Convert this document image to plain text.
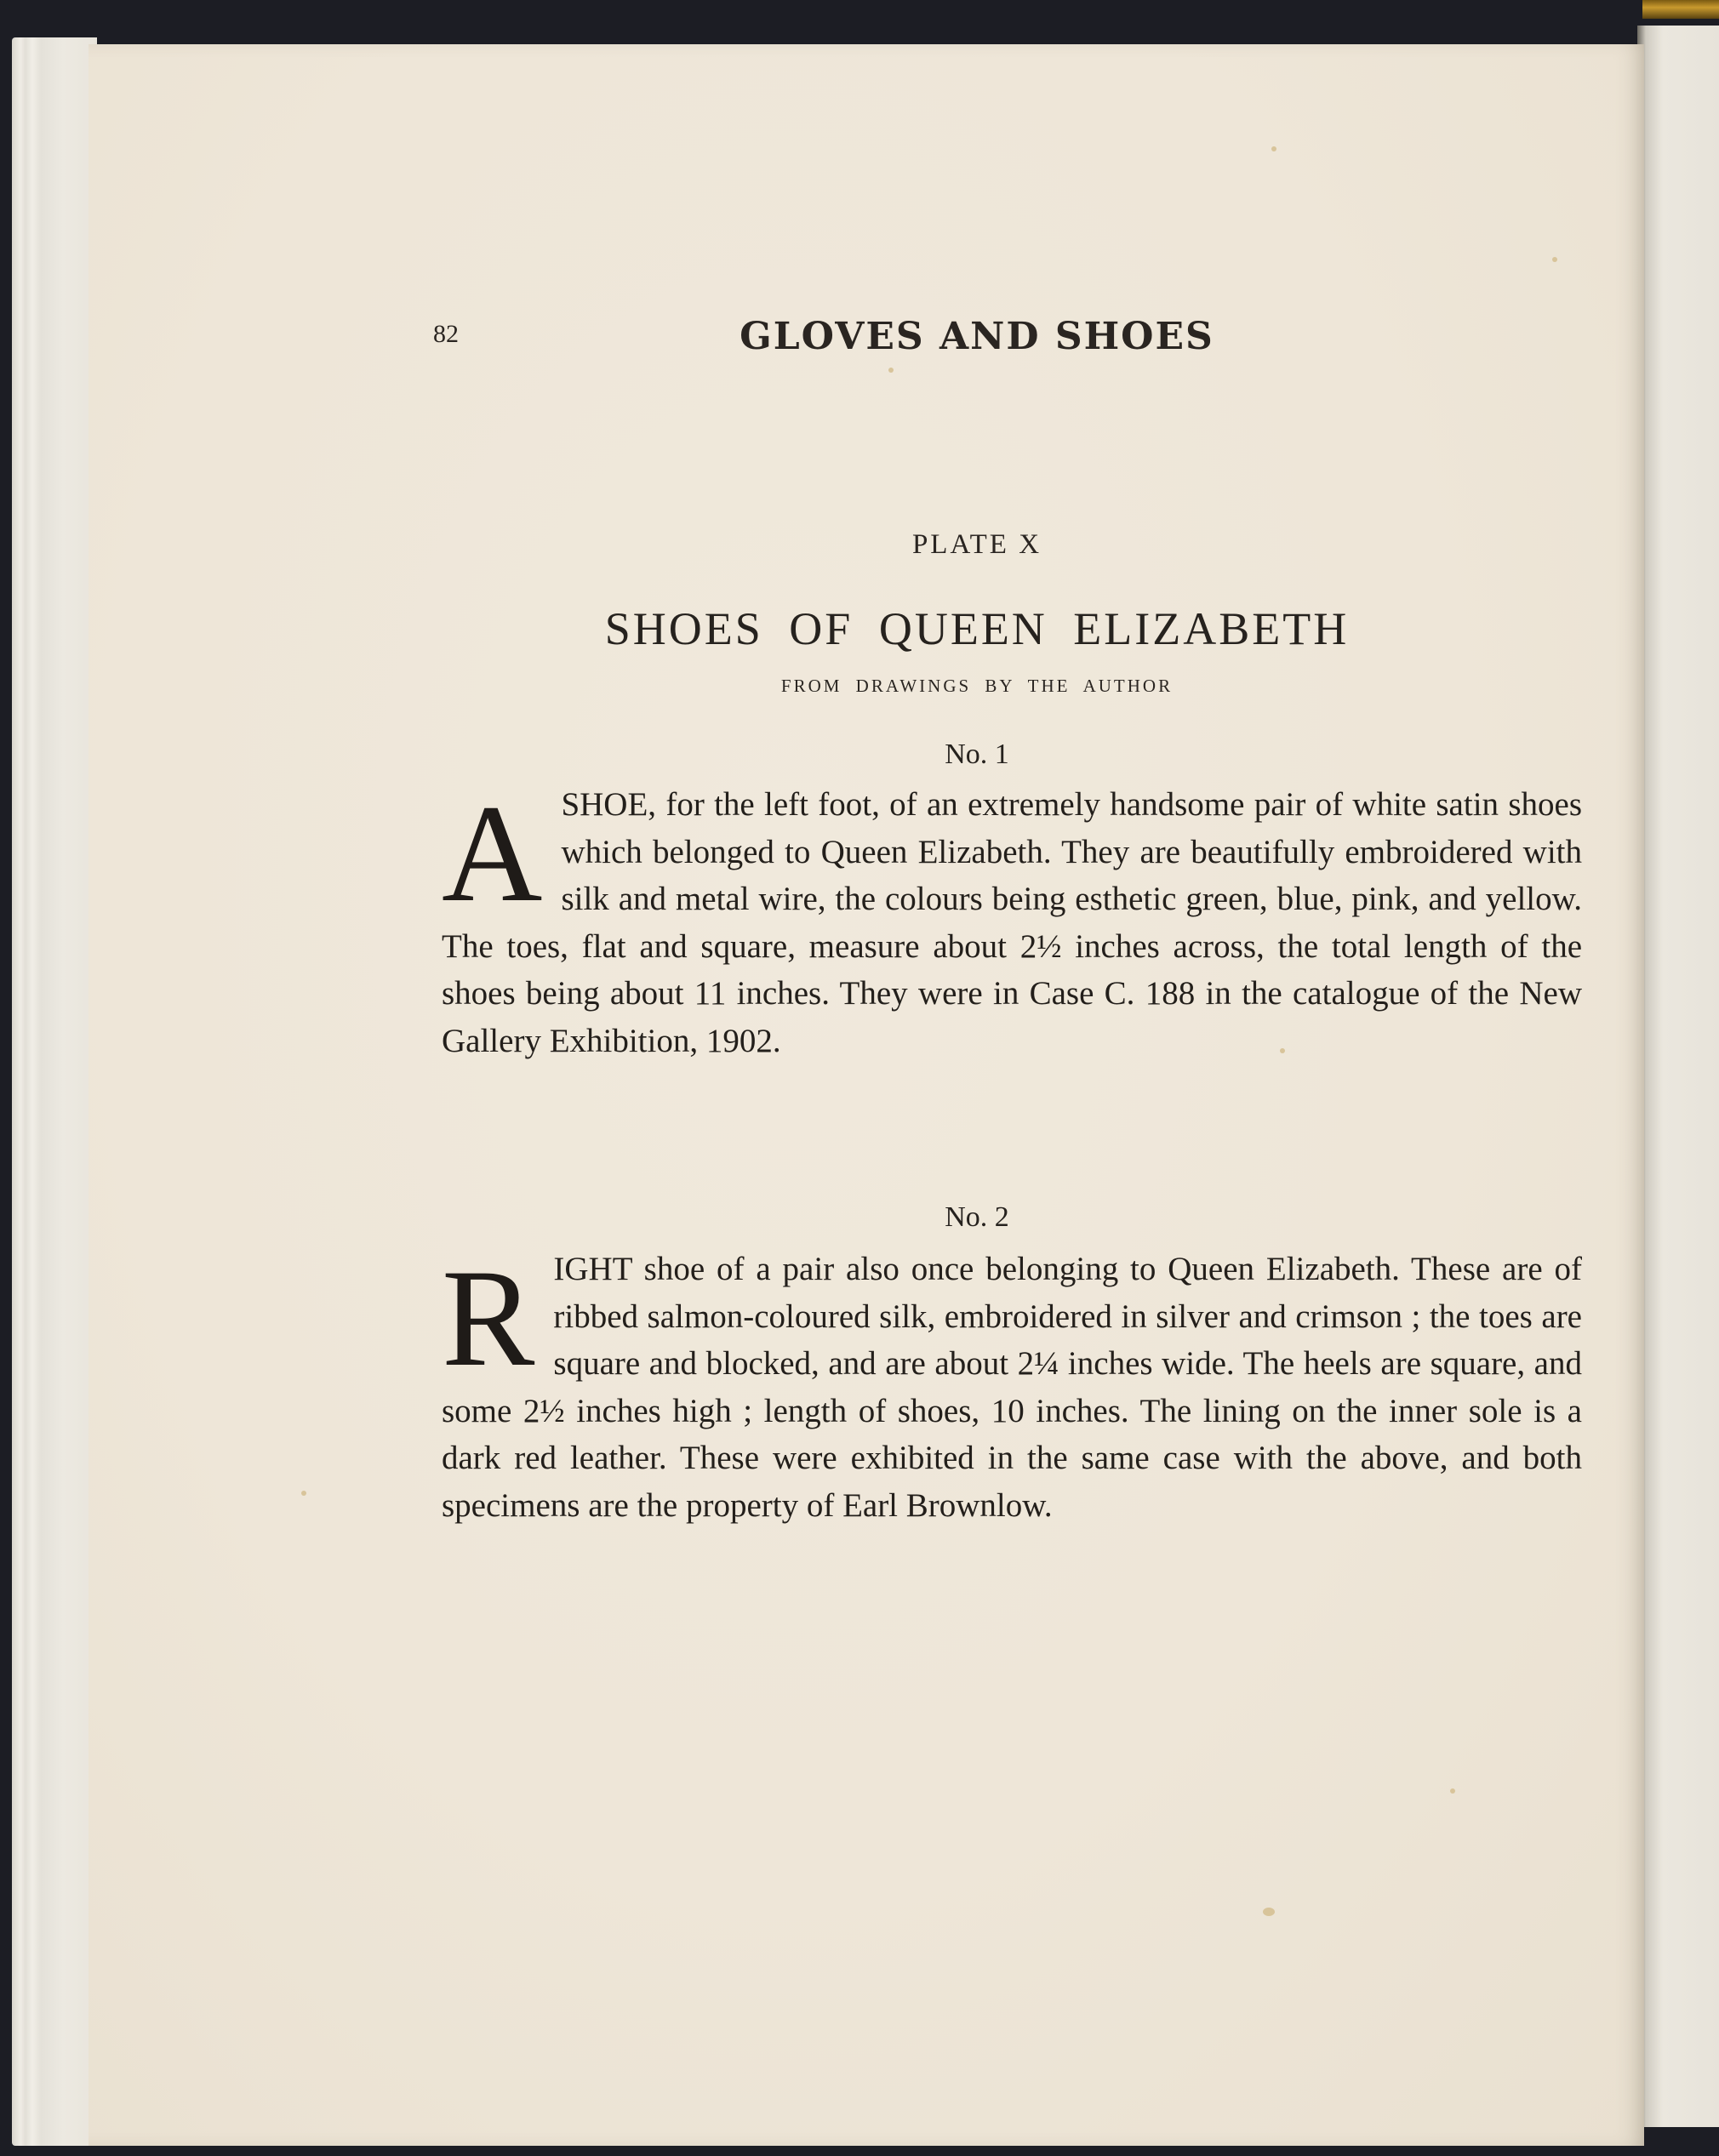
82	GLOVES AND SHOES
PLATE X
SHOES OF QUEEN ELIZABETH
FROM DRAWINGS BY THE AUTHOR
No. 1
A SHOE, for the left foot, of an extremely handsome pair of white satin shoes which belonged to Queen Elizabeth. They are beautifully embroidered with silk and metal wire, the colours being esthetic green, blue, pink, and yellow. The toes, flat and square, measure about 2½ inches across, the total length of the shoes being about 11 inches. They were in Case C. 188 in the catalogue of the New Gallery Exhibition, 1902.
No. 2
R IGHT shoe of a pair also once belonging to Queen Elizabeth. These are of ribbed salmon-coloured silk, embroidered in silver and crimson ; the toes are square and blocked, and are about 2¼ inches wide. The heels are square, and some 2½ inches high ; length of shoes, 10 inches. The lining on the inner sole is a dark red leather. These were exhibited in the same case with the above, and both specimens are the property of Earl Brownlow.
